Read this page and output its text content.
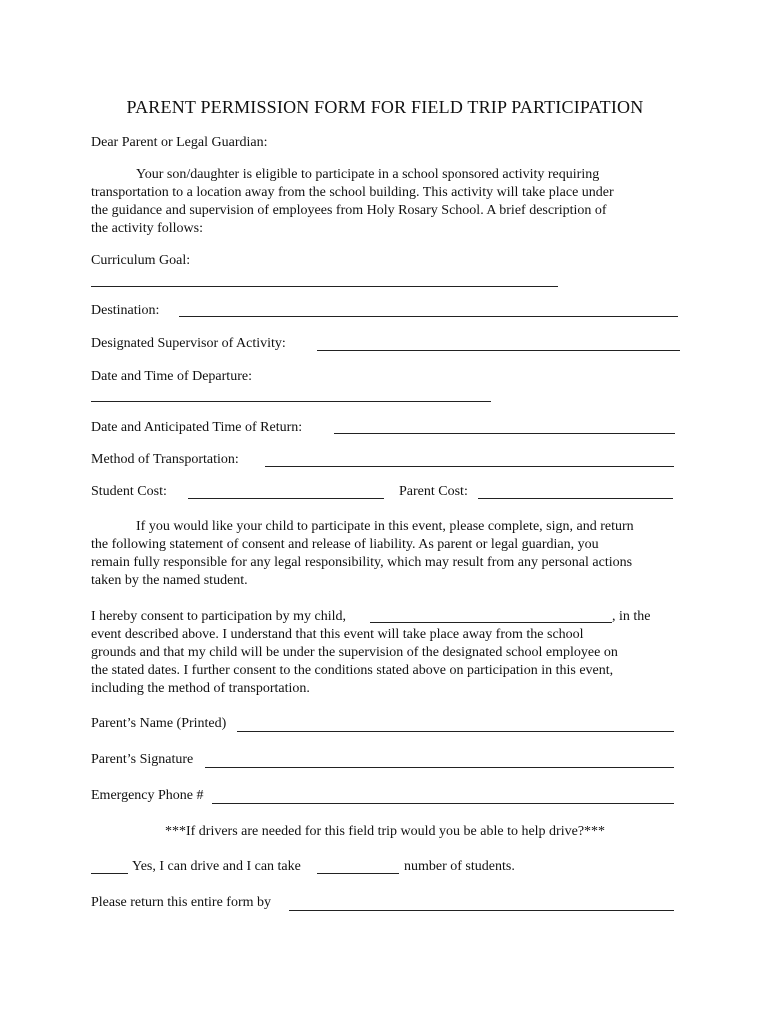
PARENT PERMISSION FORM FOR FIELD TRIP PARTICIPATION
Dear Parent or Legal Guardian:
Your son/daughter is eligible to participate in a school sponsored activity requiring
transportation to a location away from the school building. This activity will take place under
the guidance and supervision of employees from Holy Rosary School. A brief description of
the activity follows:
Curriculum Goal:
Destination:
Designated Supervisor of Activity:
Date and Time of Departure:
Date and Anticipated Time of Return:
Method of Transportation:
Student Cost:	Parent Cost:
If you would like your child to participate in this event, please complete, sign, and return
the following statement of consent and release of liability. As parent or legal guardian, you
remain fully responsible for any legal responsibility, which may result from any personal actions
taken by the named student.
I hereby consent to participation by my child,	, in the
event described above. I understand that this event will take place away from the school
grounds and that my child will be under the supervision of the designated school employee on
the stated dates. I further consent to the conditions stated above on participation in this event,
including the method of transportation.
Parent’s Name (Printed)
Parent’s Signature
Emergency Phone #
***If drivers are needed for this field trip would you be able to help drive?***
Yes, I can drive and I can take	number of students.
Please return this entire form by
